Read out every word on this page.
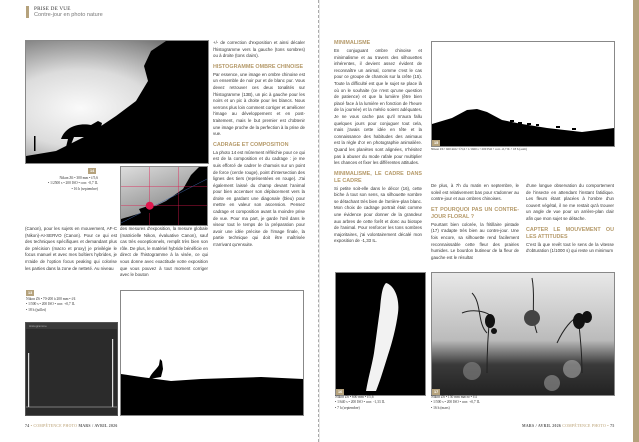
PRISE DE VUE
Contre-jour en photo nature

+/- de correction d'exposition et ainsi décaler l'histogramme vers la gauche (tons sombres) ou à droite (tons clairs).

HISTOGRAMME OMBRE CHINOISE

Par essence, une image en ombre chinoise est un ensemble de noir pur et de blanc pur. Vous devez retrouver ces deux tonalités sur l'histogramme (13B), un pic à gauche pour les noirs et un pic à droite pour les blancs. Nous verrons plus loin comment corriger et améliorer l'image au développement et en post-traitement, mais le but premier est d'obtenir une image proche de la perfection à la prise de vue.

CADRAGE ET COMPOSITION

La photo 14 est mûrement réfléchie pour ce qui est de la composition et du cadrage : je me suis efforcé de cadrer le chamois sur un point de force (cercle rouge), point d'intersection des lignes des tiers (représentées en rouge). J'ai également laissé du champ devant l'animal pour bien accentuer son déplacement vers la droite en gardant une diagonale (bleu) pour mettre en valeur son ascension. Pensez cadrage et composition avant la moindre prise de vue. Pour ma part, je garde l'œil dans le viseur tout le temps de la préparation pour avoir une idée précise de l'image finale, la partie technique qui doit être maîtrisée n'arrivant qu'ensuite.

14
Nikon Z6 • 300 mm • f/5,6
• 1/2500 s • 200 ISO • corr. -0,7 IL
• 16 h (septembre)
(Canon), pour les sujets en mouvement, AF-C (Nikon)-AI-SERVO (Canon). Pour ce qui est des techniques spécifiques et demandant plus de précision (macro et proxy) je privilégie le focus manuel et avec mes boîtiers hybrides, je m'aide de l'option focus peaking qui colorise les parties dans la zone de netteté. Au niveau
des mesures d'exposition, la mesure globale (matricielle Nikon, évaluative Canon), sauf cas très exceptionnels, remplit très bien son rôle. De plus, le matériel hybride bénéficie en direct de l'histogramme à la visée, ce qui vous donne avec exactitude votre exposition que vous pouvez à tout moment corriger avec le bouton
13
Nikon Z6 • 70-200 à 200 mm • f/4
• 1/500 s • 200 ISO • corr. +0,7 IL
• 18 h (juillet)
Histogramme
74 • COMPÉTENCE PHOTO MARS / AVRIL 2026
MINIMALISME

En conjuguant ombre chinoise et minimalisme et au travers des silhouettes inhérentes, il devient assez évident de reconnaître un animal, comme c'est le cas pour ce groupe de chamois sur la crête (15). Toute la difficulté est que le sujet se place là où on le souhaite (ce n'est qu'une question de patience) et que la lumière (être bien placé face à la lumière en fonction de l'heure de la journée) et la météo soient adéquates. Je ne vous cache pas qu'il m'aura fallu quelques jours pour conjuguer tout cela, mais j'avais cette idée en tête et la connaissance des habitudes des animaux est la règle d'or en photographie animalière. Quand les planètes sont alignées, n'hésitez pas à abuser du mode rafale pour multiplier les chances et fixer les différentes attitudes.

MINIMALISME, LE CADRE DANS LE CADRE

Si petite soit-elle dans le décor (16), cette biche à tout son sens, sa silhouette sombre se détachant très bien de l'arrière-plan blanc. Mon choix de cadrage portrait était comme une évidence pour donner de la grandeur aux arbres de cette forêt et donc au biotope de l'animal. Pour renforcer les tons sombres majoritaires, j'ai volontairement décalé mon exposition de -1,33 IL.

15
Nikon Z6 • 600 mm • f/5,6 • 1/1600 s • 200 ISO • corr. -0,7 IL • 18 h (août)

De plus, à 7h du matin en septembre, le soleil est relativement bas pour s'adonner au contre-jour et aux ombres chinoises.

ET POURQUOI PAS UN CONTRE-JOUR FLORAL ?

Pourtant bien colorée, la fritillaire pintade (17) s'adapte très bien au contre-jour. Une fois encore, sa silhouette rend facilement reconnaissable cette fleur des prairies humides. Le bourdon butineur de la fleur de gauche est le résultat

d'une longue observation du comportement de l'insecte en attendant l'instant fatidique. Les fleurs étant placées à l'ombre d'un couvert végétal, il ne me restait qu'à trouver un angle de vue pour un arrière-plan clair afin que mon sujet se détache.

CAPTER LE MOUVEMENT OU LES ATTITUDES

C'est là que revêt tout le sens de la vitesse d'obturation (1/1000 s) qui reste un minimum

16
Nikon Z6 • 600 mm • f/5,6
• 1/640 s • 200 ISO • corr. -1,33 IL
• 7 h (septembre)
17
Nikon Z6 • 150 mm macro • f/4
• 1/500 s • 200 ISO • corr. +0,7 IL
• 16 h (mars)
MARS / AVRIL 2026 COMPÉTENCE PHOTO • 75
